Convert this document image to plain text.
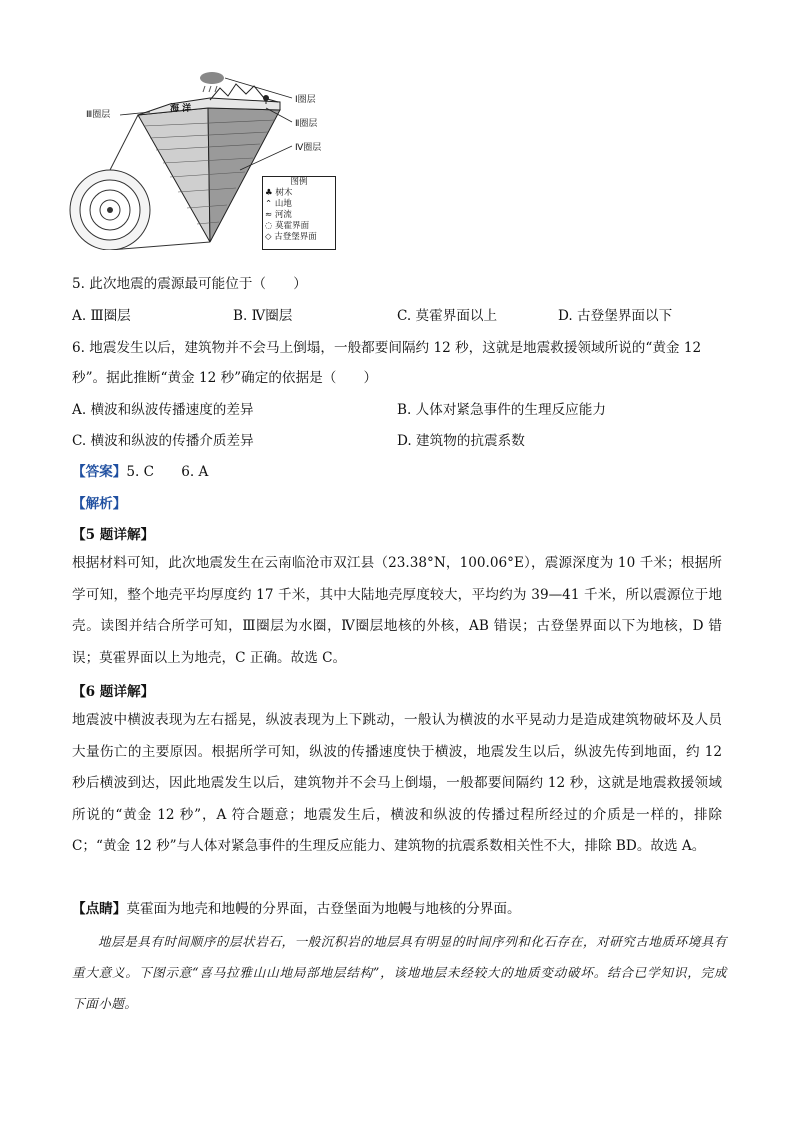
Ⅲ圈层
海 洋
Ⅰ圈层
Ⅱ圈层
Ⅳ圈层
图例
♣ 树木
⌃ 山地
≈ 河流
◌ 莫霍界面
◇ 古登堡界面
5. 此次地震的震源最可能位于（　　）
A. Ⅲ圈层	B. Ⅳ圈层	C. 莫霍界面以上	D. 古登堡界面以下
6. 地震发生以后，建筑物并不会马上倒塌，一般都要间隔约 12 秒，这就是地震救援领域所说的“黄金 12
秒”。据此推断“黄金 12 秒”确定的依据是（　　）
A. 横波和纵波传播速度的差异	B. 人体对紧急事件的生理反应能力
C. 横波和纵波的传播介质差异	D. 建筑物的抗震系数
【答案】5. C　　6. A
【解析】
【5 题详解】
根据材料可知，此次地震发生在云南临沧市双江县（23.38°N，100.06°E），震源深度为 10 千米；根据所学可知，整个地壳平均厚度约 17 千米，其中大陆地壳厚度较大，平均约为 39—41 千米，所以震源位于地壳。读图并结合所学可知，Ⅲ圈层为水圈，Ⅳ圈层地核的外核，AB 错误；古登堡界面以下为地核，D 错误；莫霍界面以上为地壳，C 正确。故选 C。
【6 题详解】
地震波中横波表现为左右摇晃，纵波表现为上下跳动，一般认为横波的水平晃动力是造成建筑物破坏及人员大量伤亡的主要原因。根据所学可知，纵波的传播速度快于横波，地震发生以后，纵波先传到地面，约 12 秒后横波到达，因此地震发生以后，建筑物并不会马上倒塌，一般都要间隔约 12 秒，这就是地震救援领域所说的“黄金 12 秒”，A 符合题意；地震发生后，横波和纵波的传播过程所经过的介质是一样的，排除 C；“黄金 12 秒”与人体对紧急事件的生理反应能力、建筑物的抗震系数相关性不大，排除 BD。故选 A。
【点睛】莫霍面为地壳和地幔的分界面，古登堡面为地幔与地核的分界面。
地层是具有时间顺序的层状岩石，一般沉积岩的地层具有明显的时间序列和化石存在，对研究古地质环境具有重大意义。下图示意“喜马拉雅山山地局部地层结构”，该地地层未经较大的地质变动破坏。结合已学知识，完成下面小题。
